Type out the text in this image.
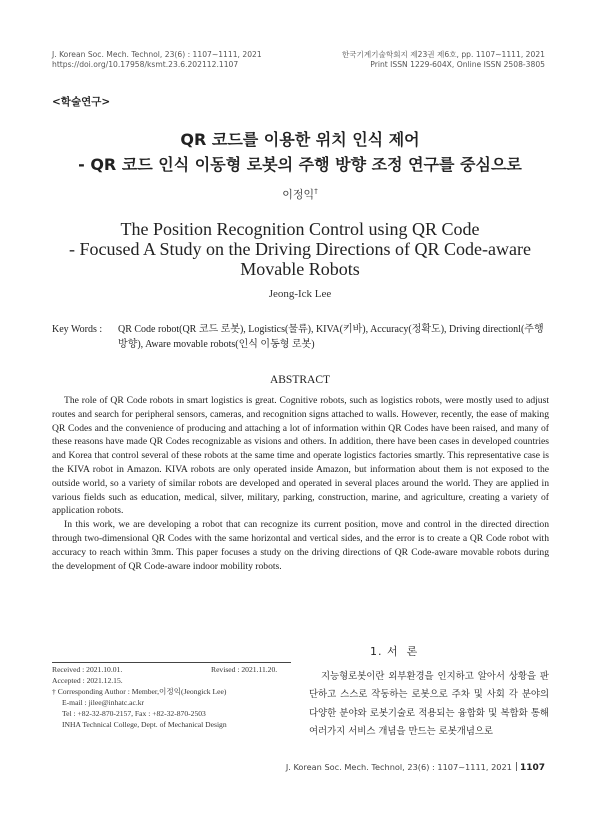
J. Korean Soc. Mech. Technol, 23(6) : 1107~1111, 2021
https://doi.org/10.17958/ksmt.23.6.202112.1107
한국기계기술학회지 제23권 제6호, pp. 1107~1111, 2021
Print ISSN 1229-604X, Online ISSN 2508-3805
<학술연구>
QR 코드를 이용한 위치 인식 제어
- QR 코드 인식 이동형 로봇의 주행 방향 조정 연구를 중심으로
이정익†
The Position Recognition Control using QR Code
- Focused A Study on the Driving Directions of QR Code-aware
Movable Robots
Jeong-Ick Lee
Key Words :	QR Code robot(QR 코드 로봇), Logistics(물류), KIVA(키바), Accuracy(정확도), Driving directionl(주행 방향), Aware movable robots(인식 이동형 로봇)
ABSTRACT

The role of QR Code robots in smart logistics is great. Cognitive robots, such as logistics robots, were mostly used to adjust routes and search for peripheral sensors, cameras, and recognition signs attached to walls. However, recently, the ease of making QR Codes and the convenience of producing and attaching a lot of information within QR Codes have been raised, and many of these reasons have made QR Codes recognizable as visions and others. In addition, there have been cases in developed countries and Korea that control several of these robots at the same time and operate logistics factories smartly. This representative case is the KIVA robot in Amazon. KIVA robots are only operated inside Amazon, but information about them is not exposed to the outside world, so a variety of similar robots are developed and operated in several places around the world. They are applied in various fields such as education, medical, silver, military, parking, construction, marine, and agriculture, creating a variety of application robots.

In this work, we are developing a robot that can recognize its current position, move and control in the directed direction through two-dimensional QR Codes with the same horizontal and vertical sides, and the error is to create a QR Code robot with accuracy to reach within 3mm. This paper focuses a study on the driving directions of QR Code-aware movable robots during the development of QR Code-aware indoor mobility robots.

1. 서 론
Received : 2021.10.01.	Revised : 2021.11.20.
Accepted : 2021.12.15.
† Corresponding Author : Member,이정익(Jeongick Lee)
E-mail : jilee@inhatc.ac.kr
Tel : +82-32-870-2157, Fax : +82-32-870-2503
INHA Technical College, Dept. of Mechanical Design

지능형로봇이란 외부환경을 인지하고 알아서 상황을 판단하고 스스로 작동하는 로봇으로 주차 및 사회 각 분야의 다양한 분야와 로봇기술로 적용되는 융합화 및 복합화 통해 여러가지 서비스 개념을 만드는 로봇개념으로

J. Korean Soc. Mech. Technol, 23(6) : 1107~1111, 2021 1107
